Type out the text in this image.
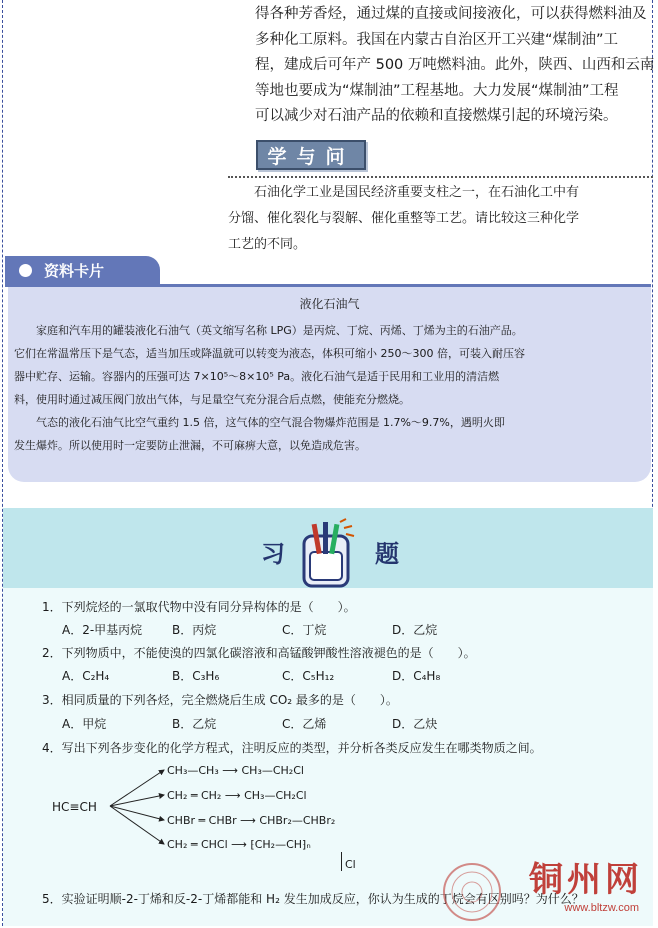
得各种芳香烃，通过煤的直接或间接液化，可以获得燃料油及
多种化工原料。我国在内蒙古自治区开工兴建“煤制油”工
程，建成后可年产 500 万吨燃料油。此外，陕西、山西和云南
等地也要成为“煤制油”工程基地。大力发展“煤制油”工程
可以减少对石油产品的依赖和直接燃煤引起的环境污染。
学与问
　　石油化学工业是国民经济重要支柱之一，在石油化工中有
分馏、催化裂化与裂解、催化重整等工艺。请比较这三种化学
工艺的不同。
资料卡片
液化石油气
　　家庭和汽车用的罐装液化石油气（英文缩写名称 LPG）是丙烷、丁烷、丙烯、丁烯为主的石油产品。
它们在常温常压下是气态，适当加压或降温就可以转变为液态，体积可缩小 250～300 倍，可装入耐压容
器中贮存、运输。容器内的压强可达 7×10⁵～8×10⁵ Pa。液化石油气是适于民用和工业用的清洁燃
料，使用时通过减压阀门放出气体，与足量空气充分混合后点燃，使能充分燃烧。
　　气态的液化石油气比空气重约 1.5 倍，这气体的空气混合物爆炸范围是 1.7%～9.7%，遇明火即
发生爆炸。所以使用时一定要防止泄漏，不可麻痹大意，以免造成危害。
习	题
1．下列烷烃的一氯取代物中没有同分异构体的是（　　）。
A．2-甲基丙烷 B．丙烷	C．丁烷	D．乙烷
2．下列物质中，不能使溴的四氯化碳溶液和高锰酸钾酸性溶液褪色的是（　　）。
A．C₂H₄	B．C₃H₆	C．C₅H₁₂	D．C₄H₈
3．相同质量的下列各烃，完全燃烧后生成 CO₂ 最多的是（　　）。
A．甲烷	B．乙烷	C．乙烯	D．乙炔
4．写出下列各步变化的化学方程式，注明反应的类型，并分析各类反应发生在哪类物质之间。
HC≡CH
CH₃—CH₃ ⟶ CH₃—CH₂Cl
CH₂ ═ CH₂ ⟶ CH₃—CH₂Cl
CHBr ═ CHBr ⟶ CHBr₂—CHBr₂
CH₂ ═ CHCl ⟶ ⁅CH₂—CH⁆ₙ
Cl
5．实验证明顺-2-丁烯和反-2-丁烯都能和 H₂ 发生加成反应，你认为生成的丁烷会有区别吗？为什么？
铜州网
www.bltzw.com
